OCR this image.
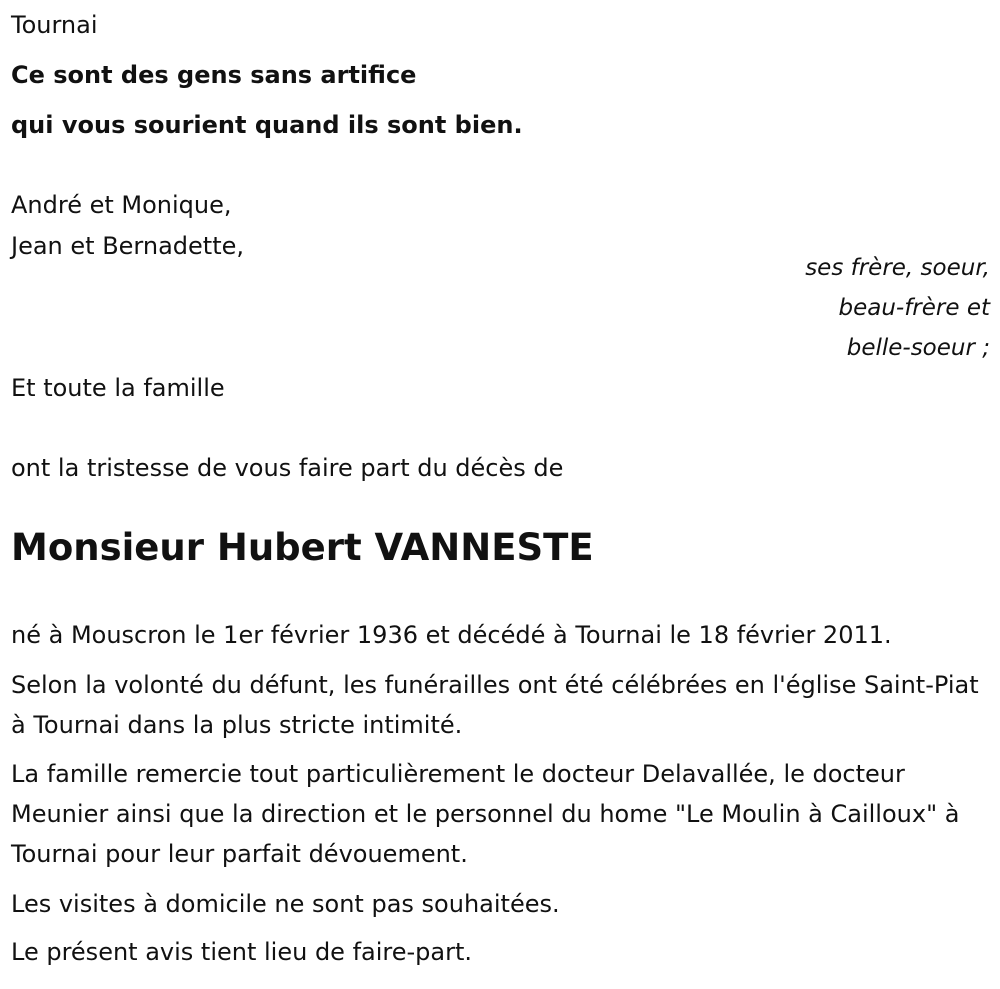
Tournai

Ce sont des gens sans artifice

qui vous sourient quand ils sont bien.

André et Monique,

Jean et Bernadette,

ses frère, soeur,

beau-frère et

belle-soeur ;

Et toute la famille

ont la tristesse de vous faire part du décès de

Monsieur Hubert VANNESTE

né à Mouscron le 1er février 1936 et décédé à Tournai le 18 février 2011.

Selon la volonté du défunt, les funérailles ont été célébrées en l'église Saint-Piat à Tournai dans la plus stricte intimité.

La famille remercie tout particulièrement le docteur Delavallée, le docteur Meunier ainsi que la direction et le personnel du home "Le Moulin à Cailloux" à Tournai pour leur parfait dévouement.

Les visites à domicile ne sont pas souhaitées.

Le présent avis tient lieu de faire-part.
